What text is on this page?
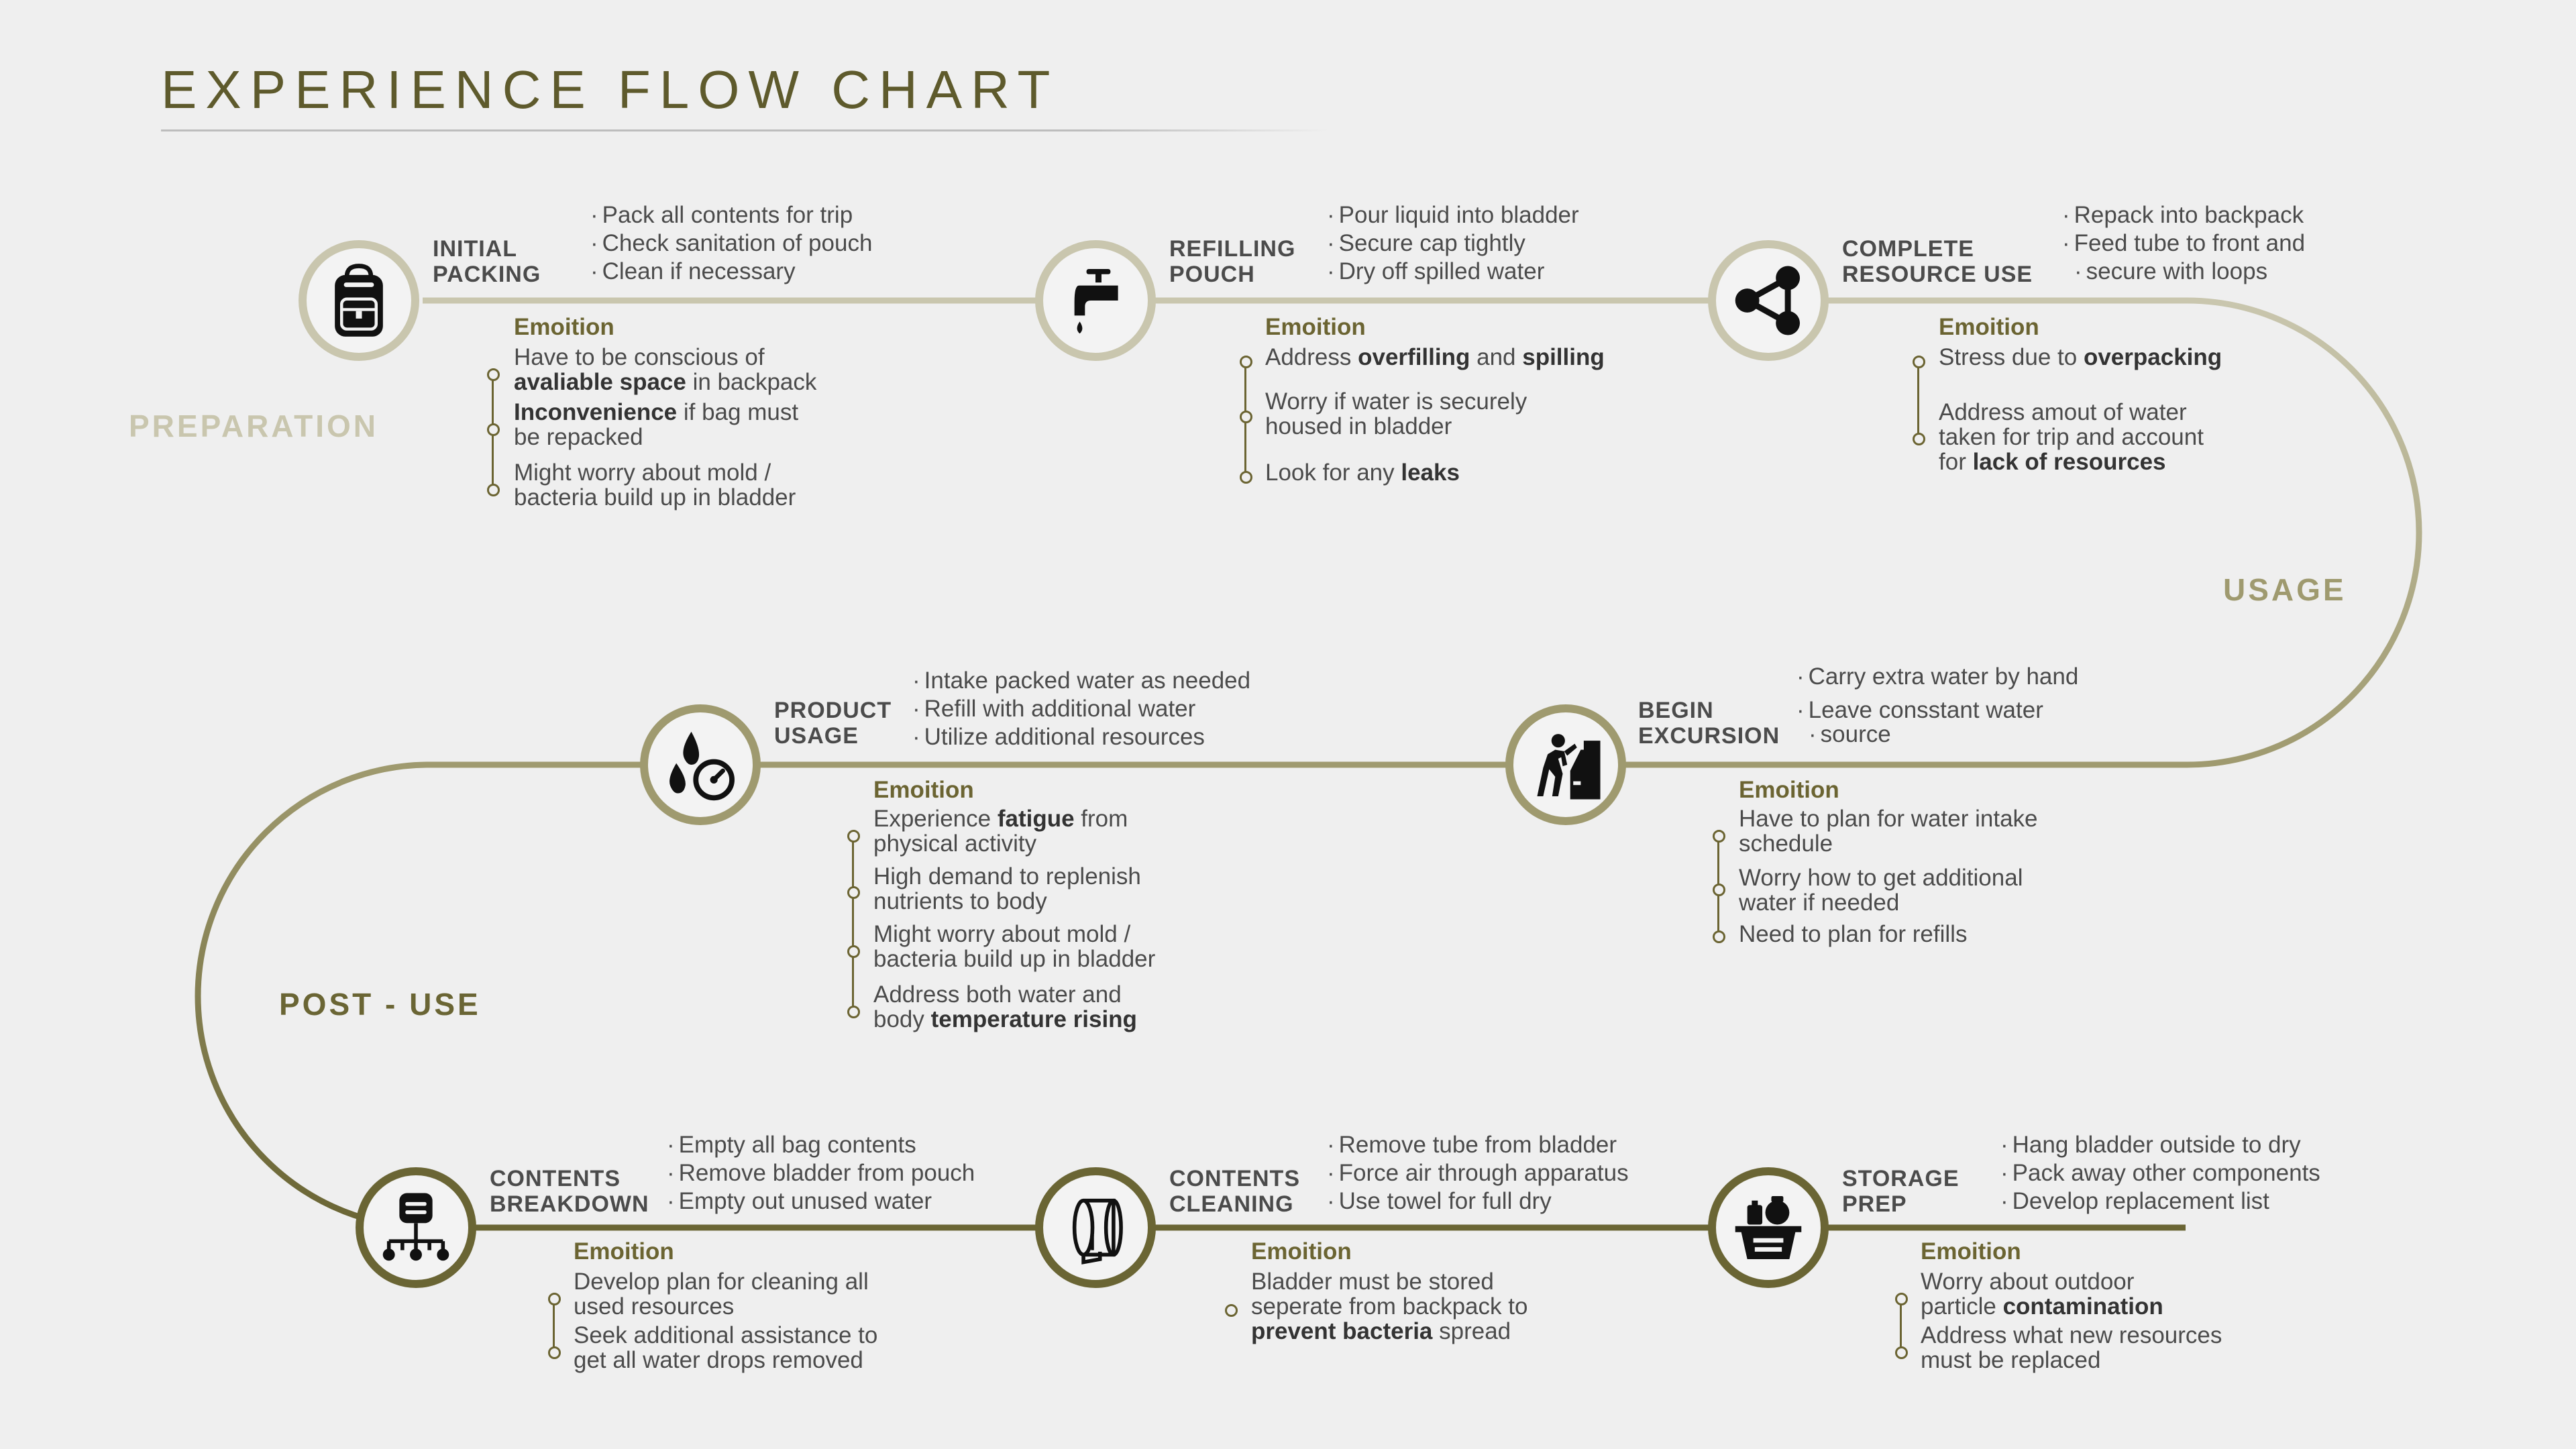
EXPERIENCE FLOW CHART
PREPARATION
USAGE
POST - USE
INITIAL
PACKING
· Pack all contents for trip
· Check sanitation of pouch
· Clean if necessary
Emoition
Have to be conscious of
avaliable space in backpack
Inconvenience if bag must
be repacked
Might worry about mold /
bacteria build up in bladder
REFILLING
POUCH
· Pour liquid into bladder
· Secure cap tightly
· Dry off spilled water
Emoition
Address overfilling and spilling
Worry if water is securely
housed in bladder
Look for any leaks
COMPLETE
RESOURCE USE
· Repack into backpack
· Feed tube to front and
· secure with loops
Emoition
Stress due to overpacking
Address amout of water
taken for trip and account
for lack of resources
BEGIN
EXCURSION
· Carry extra water by hand
· Leave consstant water
· source
Emoition
Have to plan for water intake
schedule
Worry how to get additional
water if needed
Need to plan for refills
PRODUCT
USAGE
· Intake packed water as needed
· Refill with additional water
· Utilize additional resources
Emoition
Experience fatigue from
physical activity
High demand to replenish
nutrients to body
Might worry about mold /
bacteria build up in bladder
Address both water and
body temperature rising
CONTENTS
BREAKDOWN
· Empty all bag contents
· Remove bladder from pouch
· Empty out unused water
Emoition
Develop plan for cleaning all
used resources
Seek additional assistance to
get all water drops removed
CONTENTS
CLEANING
· Remove tube from bladder
· Force air through apparatus
· Use towel for full dry
Emoition
Bladder must be stored
seperate from backpack to
prevent bacteria spread
STORAGE
PREP
· Hang bladder outside to dry
· Pack away other components
· Develop replacement list
Emoition
Worry about outdoor
particle contamination
Address what new resources
must be replaced
